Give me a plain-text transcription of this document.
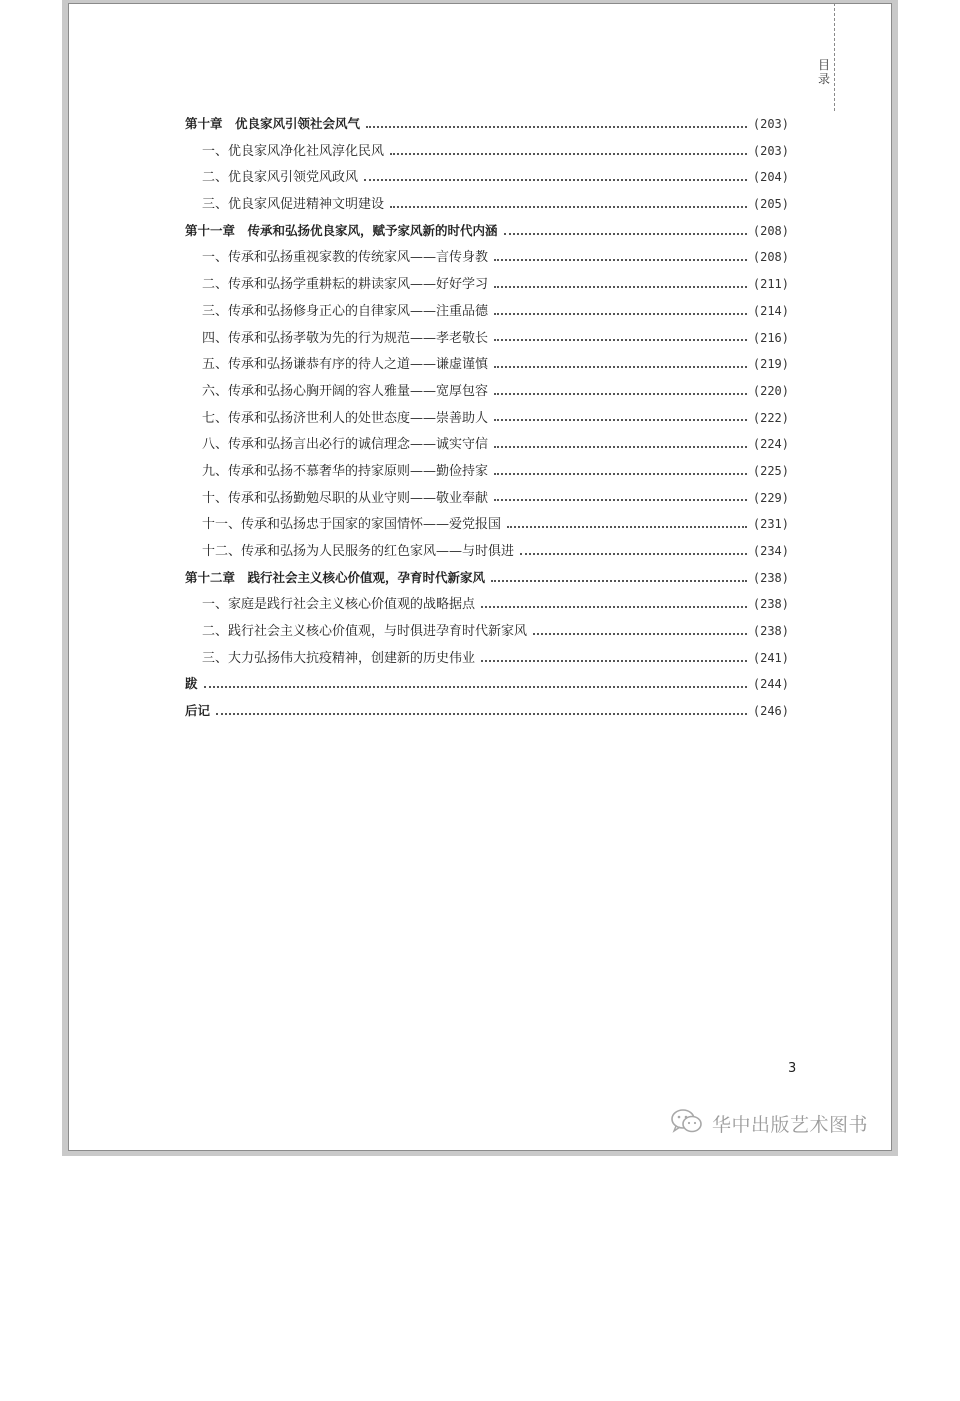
目
录
第十章　优良家风引领社会风气	(203)
一、优良家风净化社风淳化民风	(203)
二、优良家风引领党风政风	(204)
三、优良家风促进精神文明建设	(205)
第十一章　传承和弘扬优良家风，赋予家风新的时代内涵	(208)
一、传承和弘扬重视家教的传统家风——言传身教	(208)
二、传承和弘扬学重耕耘的耕读家风——好好学习	(211)
三、传承和弘扬修身正心的自律家风——注重品德	(214)
四、传承和弘扬孝敬为先的行为规范——孝老敬长	(216)
五、传承和弘扬谦恭有序的待人之道——谦虚谨慎	(219)
六、传承和弘扬心胸开阔的容人雅量——宽厚包容	(220)
七、传承和弘扬济世利人的处世态度——崇善助人	(222)
八、传承和弘扬言出必行的诚信理念——诚实守信	(224)
九、传承和弘扬不慕奢华的持家原则——勤俭持家	(225)
十、传承和弘扬勤勉尽职的从业守则——敬业奉献	(229)
十一、传承和弘扬忠于国家的家国情怀——爱党报国	(231)
十二、传承和弘扬为人民服务的红色家风——与时俱进	(234)
第十二章　践行社会主义核心价值观，孕育时代新家风	(238)
一、家庭是践行社会主义核心价值观的战略据点	(238)
二、践行社会主义核心价值观，与时俱进孕育时代新家风	(238)
三、大力弘扬伟大抗疫精神，创建新的历史伟业	(241)
跋	(244)
后记	(246)
3
华中出版艺术图书
